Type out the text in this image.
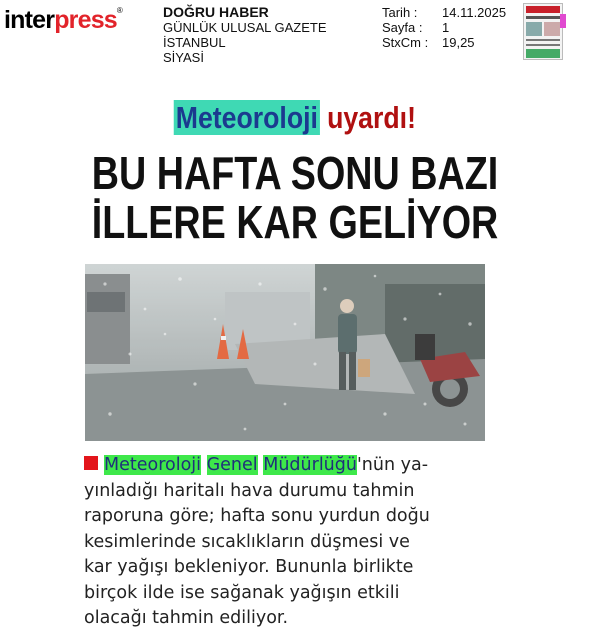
interpress®	DOĞRU HABER
GÜNLÜK ULUSAL GAZETE
İSTANBUL
SİYASİ
Tarih :	14.11.2025
Sayfa :	1
StxCm :	19,25
Meteoroloji uyardı!
BU HAFTA SONU BAZI
İLLERE KAR GELİYOR
Meteoroloji Genel Müdürlüğü'nün ya-
yınladığı haritalı hava durumu tahmin
raporuna göre; hafta sonu yurdun doğu
kesimlerinde sıcaklıkların düşmesi ve
kar yağışı bekleniyor. Bununla birlikte
birçok ilde ise sağanak yağışın etkili
olacağı tahmin ediliyor.
